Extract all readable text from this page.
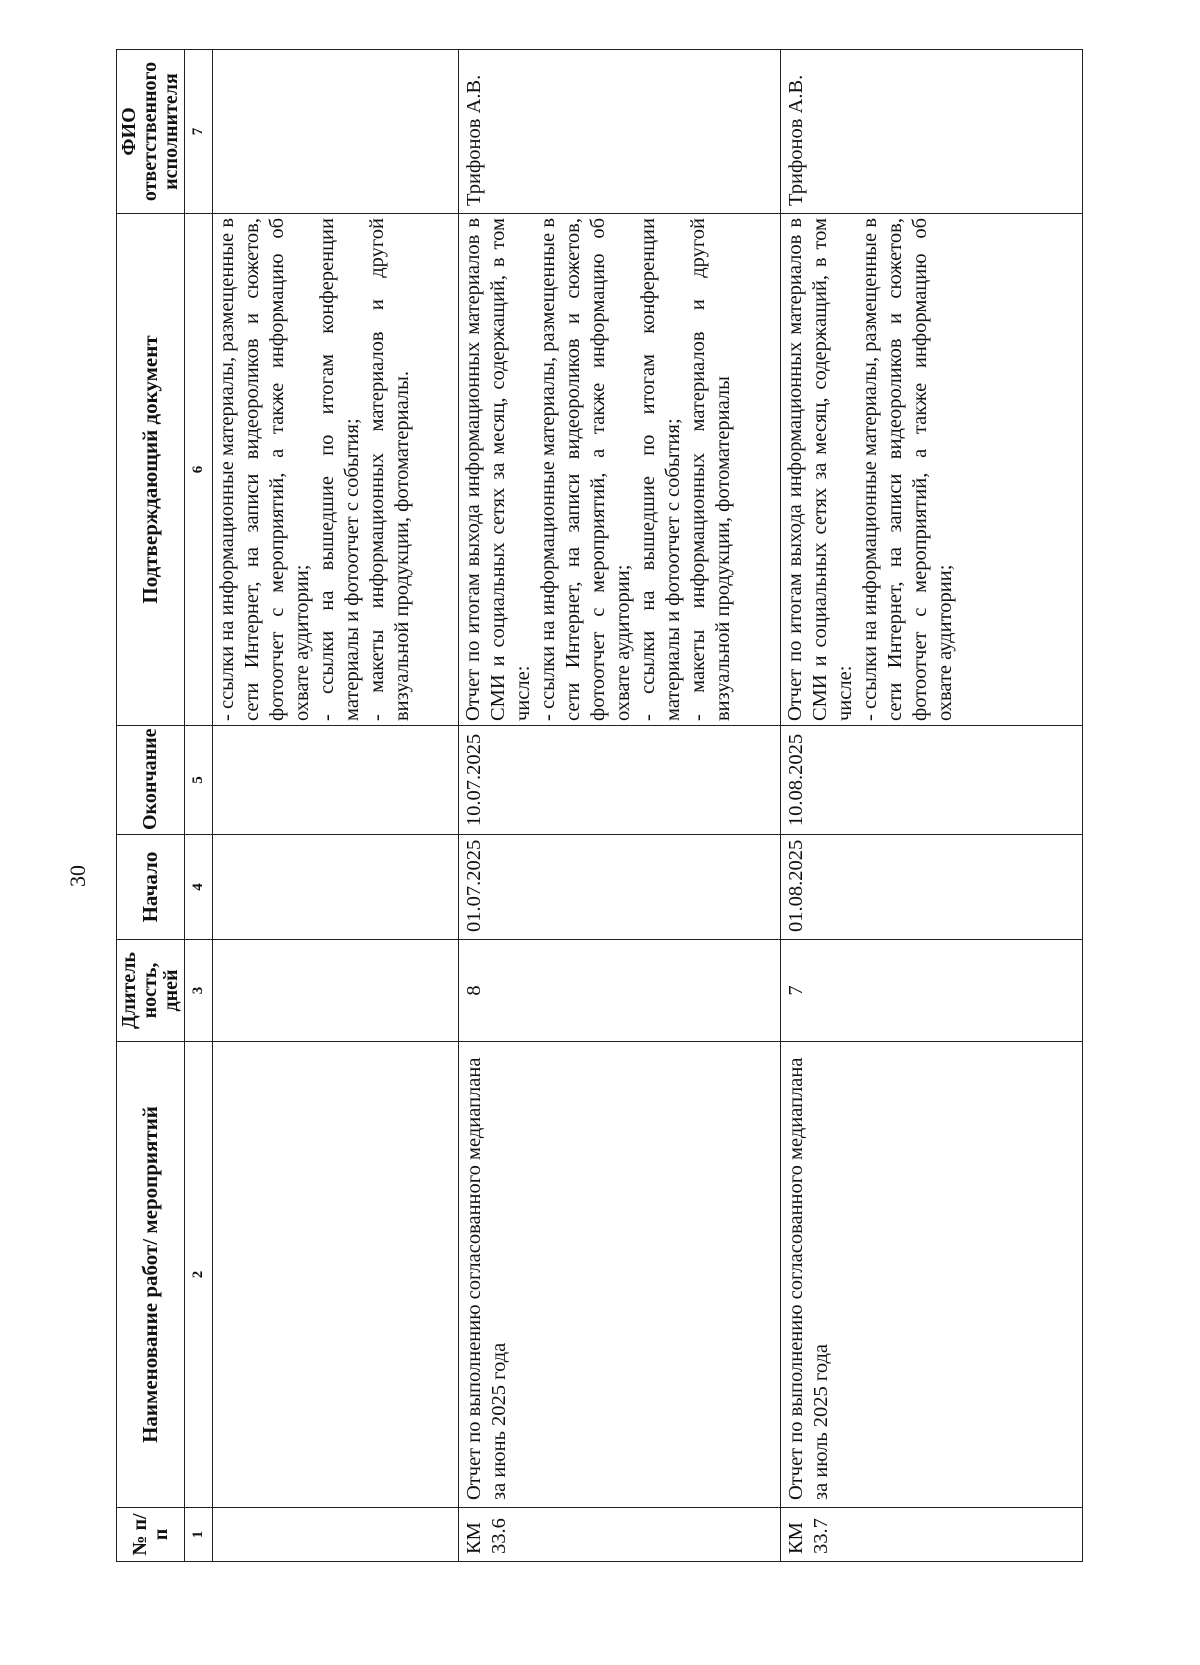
30
№ п/п	Наименование работ/ мероприятий	Длитель ность, дней	Начало	Окончание	Подтверждающий документ	ФИО ответственного исполнителя
1	2	3	4	5	6	7

					- ссылки на информационные материалы, размещенные в сети Интернет, на записи видеороликов и сюжетов, фотоотчет с мероприятий, а также информацию об охвате аудитории; - ссылки на вышедшие по итогам конференции материалы и фотоотчет с события; - макеты информационных материалов и другой визуальной продукции, фотоматериалы.	

КМ 33.6	Отчет по выполнению согласованного медиаплана за июнь 2025 года	8	01.07.2025	10.07.2025	Отчет по итогам выхода информационных материалов в СМИ и социальных сетях за месяц, содержащий, в том числе: - ссылки на информационные материалы, размещенные в сети Интернет, на записи видеороликов и сюжетов, фотоотчет с мероприятий, а также информацию об охвате аудитории; - ссылки на вышедшие по итогам конференции материалы и фотоотчет с события; - макеты информационных материалов и другой визуальной продукции, фотоматериалы	Трифонов А.В.
КМ 33.7	Отчет по выполнению согласованного медиаплана за июль 2025 года	7	01.08.2025	10.08.2025	Отчет по итогам выхода информационных материалов в СМИ и социальных сетях за месяц, содержащий, в том числе: - ссылки на информационные материалы, размещенные в сети Интернет, на записи видеороликов и сюжетов, фотоотчет с мероприятий, а также информацию об охвате аудитории;	Трифонов А.В.
